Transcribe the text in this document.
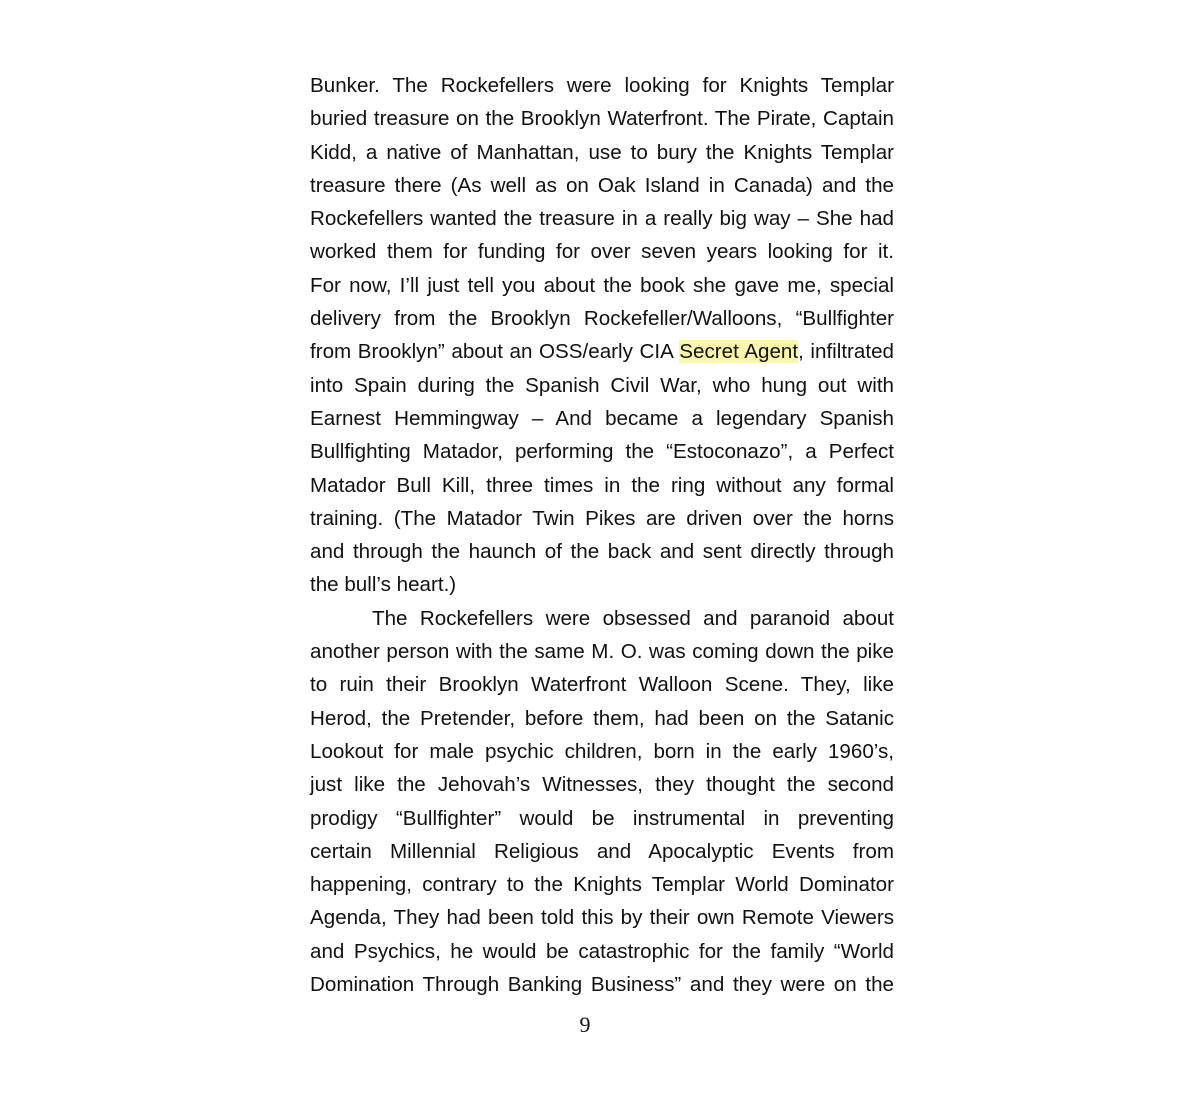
Bunker. The Rockefellers were looking for Knights Templar
buried treasure on the Brooklyn Waterfront. The Pirate, Captain
Kidd, a native of Manhattan, use to bury the Knights Templar
treasure there (As well as on Oak Island in Canada) and the
Rockefellers wanted the treasure in a really big way – She had
worked them for funding for over seven years looking for it.
For now, I’ll just tell you about the book she gave me, special
delivery from the Brooklyn Rockefeller/Walloons, “Bullfighter
from Brooklyn” about an OSS/early CIA Secret Agent, infiltrated
into Spain during the Spanish Civil War, who hung out with
Earnest Hemmingway – And became a legendary Spanish
Bullfighting Matador, performing the “Estoconazo”, a Perfect
Matador Bull Kill, three times in the ring without any formal
training. (The Matador Twin Pikes are driven over the horns
and through the haunch of the back and sent directly through
the bull’s heart.)
The Rockefellers were obsessed and paranoid about
another person with the same M. O. was coming down the pike
to ruin their Brooklyn Waterfront Walloon Scene. They, like
Herod, the Pretender, before them, had been on the Satanic
Lookout for male psychic children, born in the early 1960’s,
just like the Jehovah’s Witnesses, they thought the second
prodigy “Bullfighter” would be instrumental in preventing
certain Millennial Religious and Apocalyptic Events from
happening, contrary to the Knights Templar World Dominator
Agenda, They had been told this by their own Remote Viewers
and Psychics, he would be catastrophic for the family “World
Domination Through Banking Business” and they were on the
9
